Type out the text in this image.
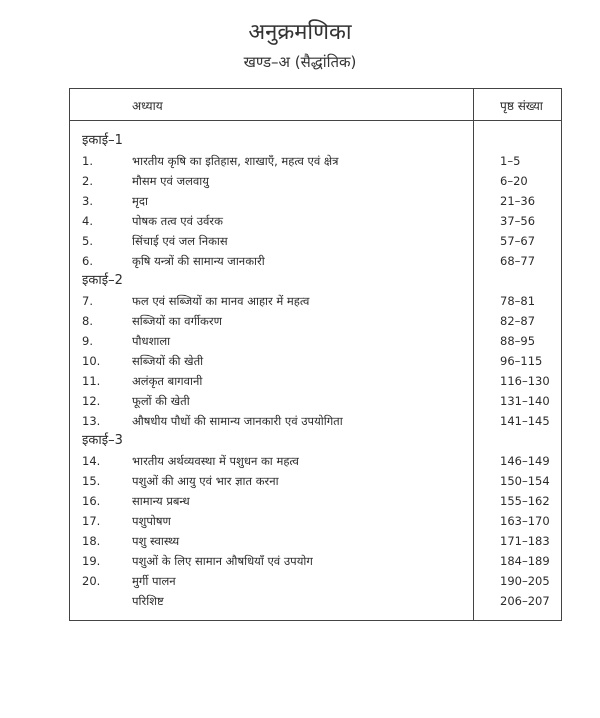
अनुक्रमणिका
खण्ड–अ (सैद्धांतिक)
अध्याय	पृष्ठ संख्या
इकाई–1
1.	भारतीय कृषि का इतिहास, शाखाएँ, महत्व एवं क्षेत्र	1–5
2.	मौसम एवं जलवायु	6–20
3.	मृदा	21–36
4.	पोषक तत्व एवं उर्वरक	37–56
5.	सिंचाई एवं जल निकास	57–67
6.	कृषि यन्त्रों की सामान्य जानकारी	68–77
इकाई–2
7.	फल एवं सब्जियों का मानव आहार में महत्व	78–81
8.	सब्जियों का वर्गीकरण	82–87
9.	पौधशाला	88–95
10.	सब्जियों की खेती	96–115
11.	अलंकृत बागवानी	116–130
12.	फूलों की खेती	131–140
13.	औषधीय पौधों की सामान्य जानकारी एवं उपयोगिता	141–145
इकाई–3
14.	भारतीय अर्थव्यवस्था में पशुधन का महत्व	146–149
15.	पशुओं की आयु एवं भार ज्ञात करना	150–154
16.	सामान्य प्रबन्ध	155–162
17.	पशुपोषण	163–170
18.	पशु स्वास्थ्य	171–183
19.	पशुओं के लिए सामान औषधियाँ एवं उपयोग	184–189
20.	मुर्गी पालन	190–205
परिशिष्ट	206–207
